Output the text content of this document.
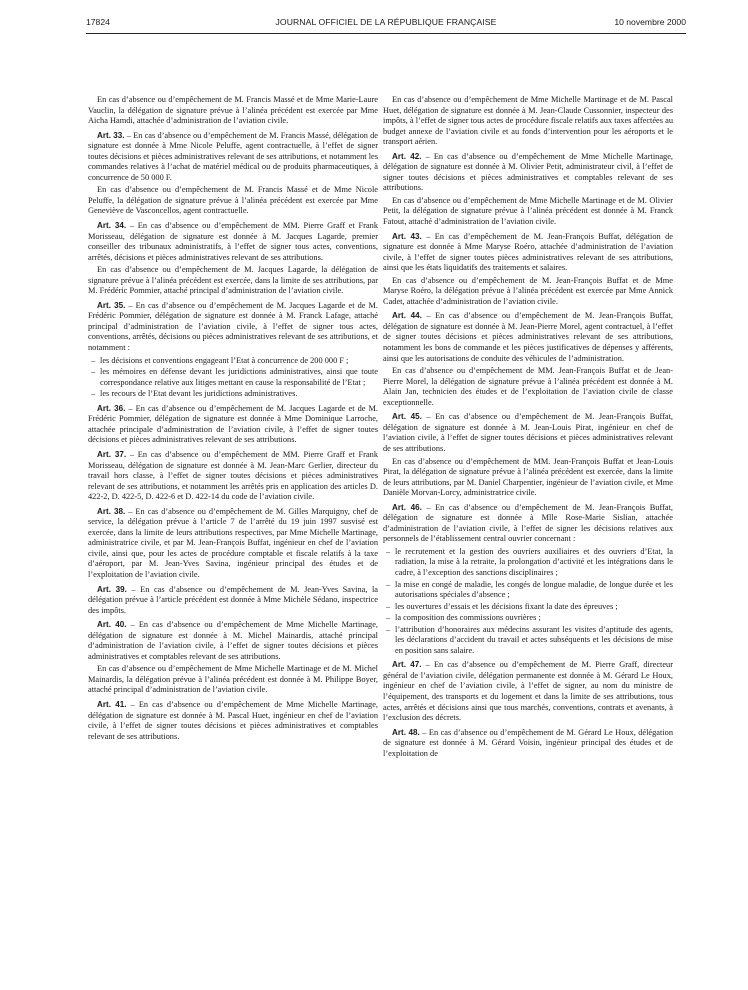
17824	JOURNAL OFFICIEL DE LA RÉPUBLIQUE FRANÇAISE	10 novembre 2000

En cas d’absence ou d’empêchement de M. Francis Massé et de Mme Marie-Laure Vauclin, la délégation de signature prévue à l’alinéa précédent est exercée par Mme Aicha Hamdi, attachée d’administration de l’aviation civile.

Art. 33. – En cas d’absence ou d’empêchement de M. Francis Massé, délégation de signature est donnée à Mme Nicole Peluffe, agent contractuelle, à l’effet de signer toutes décisions et pièces administratives relevant de ses attributions, et notamment les commandes relatives à l’achat de matériel médical ou de produits pharmaceutiques, à concurrence de 50 000 F.

En cas d’absence ou d’empêchement de M. Francis Massé et de Mme Nicole Peluffe, la délégation de signature prévue à l’alinéa précédent est exercée par Mme Geneviève de Vasconcellos, agent contractuelle.

Art. 34. – En cas d’absence ou d’empêchement de MM. Pierre Graff et Frank Morisseau, délégation de signature est donnée à M. Jacques Lagarde, premier conseiller des tribunaux administratifs, à l’effet de signer tous actes, conventions, arrêtés, décisions et pièces administratives relevant de ses attributions.

En cas d’absence ou d’empêchement de M. Jacques Lagarde, la délégation de signature prévue à l’alinéa précédent est exercée, dans la limite de ses attributions, par M. Frédéric Pommier, attaché principal d’administration de l’aviation civile.

Art. 35. – En cas d’absence ou d’empêchement de M. Jacques Lagarde et de M. Frédéric Pommier, délégation de signature est donnée à M. Franck Lafage, attaché principal d’administration de l’aviation civile, à l’effet de signer tous actes, conventions, arrêtés, décisions ou pièces administratives relevant de ses attributions, et notamment :

– les décisions et conventions engageant l’Etat à concurrence de 200 000 F ;
– les mémoires en défense devant les juridictions administratives, ainsi que toute correspondance relative aux litiges mettant en cause la responsabilité de l’Etat ;
– les recours de l’Etat devant les juridictions administratives.

Art. 36. – En cas d’absence ou d’empêchement de M. Jacques Lagarde et de M. Frédéric Pommier, délégation de signature est donnée à Mme Dominique Larroche, attachée principale d’administration de l’aviation civile, à l’effet de signer toutes décisions et pièces administratives relevant de ses attributions.

Art. 37. – En cas d’absence ou d’empêchement de MM. Pierre Graff et Frank Morisseau, délégation de signature est donnée à M. Jean-Marc Gerlier, directeur du travail hors classe, à l’effet de signer toutes décisions et pièces administratives relevant de ses attributions, et notamment les arrêtés pris en application des articles D. 422-2, D. 422-5, D. 422-6 et D. 422-14 du code de l’aviation civile.

Art. 38. – En cas d’absence ou d’empêchement de M. Gilles Marquigny, chef de service, la délégation prévue à l’article 7 de l’arrêté du 19 juin 1997 susvisé est exercée, dans la limite de leurs attributions respectives, par Mme Michelle Martinage, administratrice civile, et par M. Jean-François Buffat, ingénieur en chef de l’aviation civile, ainsi que, pour les actes de procédure comptable et fiscale relatifs à la taxe d’aéroport, par M. Jean-Yves Savina, ingénieur principal des études et de l’exploitation de l’aviation civile.

Art. 39. – En cas d’absence ou d’empêchement de M. Jean-Yves Savina, la délégation prévue à l’article précédent est donnée à Mme Michèle Sédano, inspectrice des impôts.

Art. 40. – En cas d’absence ou d’empêchement de Mme Michelle Martinage, délégation de signature est donnée à M. Michel Mainardis, attaché principal d’administration de l’aviation civile, à l’effet de signer toutes décisions et pièces administratives et comptables relevant de ses attributions.

En cas d’absence ou d’empêchement de Mme Michelle Martinage et de M. Michel Mainardis, la délégation prévue à l’alinéa précédent est donnée à M. Philippe Boyer, attaché principal d’administration de l’aviation civile.

Art. 41. – En cas d’absence ou d’empêchement de Mme Michelle Martinage, délégation de signature est donnée à M. Pascal Huet, ingénieur en chef de l’aviation civile, à l’effet de signer toutes décisions et pièces administratives et comptables relevant de ses attributions.

En cas d’absence ou d’empêchement de Mme Michelle Martinage et de M. Pascal Huet, délégation de signature est donnée à M. Jean-Claude Cussonnier, inspecteur des impôts, à l’effet de signer tous actes de procédure fiscale relatifs aux taxes affectées au budget annexe de l’aviation civile et au fonds d’intervention pour les aéroports et le transport aérien.

Art. 42. – En cas d’absence ou d’empêchement de Mme Michelle Martinage, délégation de signature est donnée à M. Olivier Petit, administrateur civil, à l’effet de signer toutes décisions et pièces administratives et comptables relevant de ses attributions.

En cas d’absence ou d’empêchement de Mme Michelle Martinage et de M. Olivier Petit, la délégation de signature prévue à l’alinéa précédent est donnée à M. Franck Fatout, attaché d’administration de l’aviation civile.

Art. 43. – En cas d’empêchement de M. Jean-François Buffat, délégation de signature est donnée à Mme Maryse Roéro, attachée d’administration de l’aviation civile, à l’effet de signer toutes pièces administratives relevant de ses attributions, ainsi que les états liquidatifs des traitements et salaires.

En cas d’absence ou d’empêchement de M. Jean-François Buffat et de Mme Maryse Roéro, la délégation prévue à l’alinéa précédent est exercée par Mme Annick Cadet, attachée d’administration de l’aviation civile.

Art. 44. – En cas d’absence ou d’empêchement de M. Jean-François Buffat, délégation de signature est donnée à M. Jean-Pierre Morel, agent contractuel, à l’effet de signer toutes décisions et pièces administratives relevant de ses attributions, notamment les bons de commande et les pièces justificatives de dépenses y afférents, ainsi que les autorisations de conduite des véhicules de l’administration.

En cas d’absence ou d’empêchement de MM. Jean-François Buffat et de Jean-Pierre Morel, la délégation de signature prévue à l’alinéa précédent est donnée à M. Alain Jan, technicien des études et de l’exploitation de l’aviation civile de classe exceptionnelle.

Art. 45. – En cas d’absence ou d’empêchement de M. Jean-François Buffat, délégation de signature est donnée à M. Jean-Louis Pirat, ingénieur en chef de l’aviation civile, à l’effet de signer toutes décisions et pièces administratives relevant de ses attributions.

En cas d’absence ou d’empêchement de MM. Jean-François Buffat et Jean-Louis Pirat, la délégation de signature prévue à l’alinéa précédent est exercée, dans la limite de leurs attributions, par M. Daniel Charpentier, ingénieur de l’aviation civile, et Mme Danièle Morvan-Lorcy, administratrice civile.

Art. 46. – En cas d’absence ou d’empêchement de M. Jean-François Buffat, délégation de signature est donnée à Mlle Rose-Marie Sislian, attachée d’administration de l’aviation civile, à l’effet de signer les décisions relatives aux personnels de l’établissement central ouvrier concernant :

– le recrutement et la gestion des ouvriers auxiliaires et des ouvriers d’Etat, la radiation, la mise à la retraite, la prolongation d’activité et les intégrations dans le cadre, à l’exception des sanctions disciplinaires ;
– la mise en congé de maladie, les congés de longue maladie, de longue durée et les autorisations spéciales d’absence ;
– les ouvertures d’essais et les décisions fixant la date des épreuves ;
– la composition des commissions ouvrières ;
– l’attribution d’honoraires aux médecins assurant les visites d’aptitude des agents, les déclarations d’accident du travail et actes subséquents et les décisions de mise en position sans salaire.

Art. 47. – En cas d’absence ou d’empêchement de M. Pierre Graff, directeur général de l’aviation civile, délégation permanente est donnée à M. Gérard Le Houx, ingénieur en chef de l’aviation civile, à l’effet de signer, au nom du ministre de l’équipement, des transports et du logement et dans la limite de ses attributions, tous actes, arrêtés et décisions ainsi que tous marchés, conventions, contrats et avenants, à l’exclusion des décrets.

Art. 48. – En cas d’absence ou d’empêchement de M. Gérard Le Houx, délégation de signature est donnée à M. Gérard Voisin, ingénieur principal des études et de l’exploitation de
